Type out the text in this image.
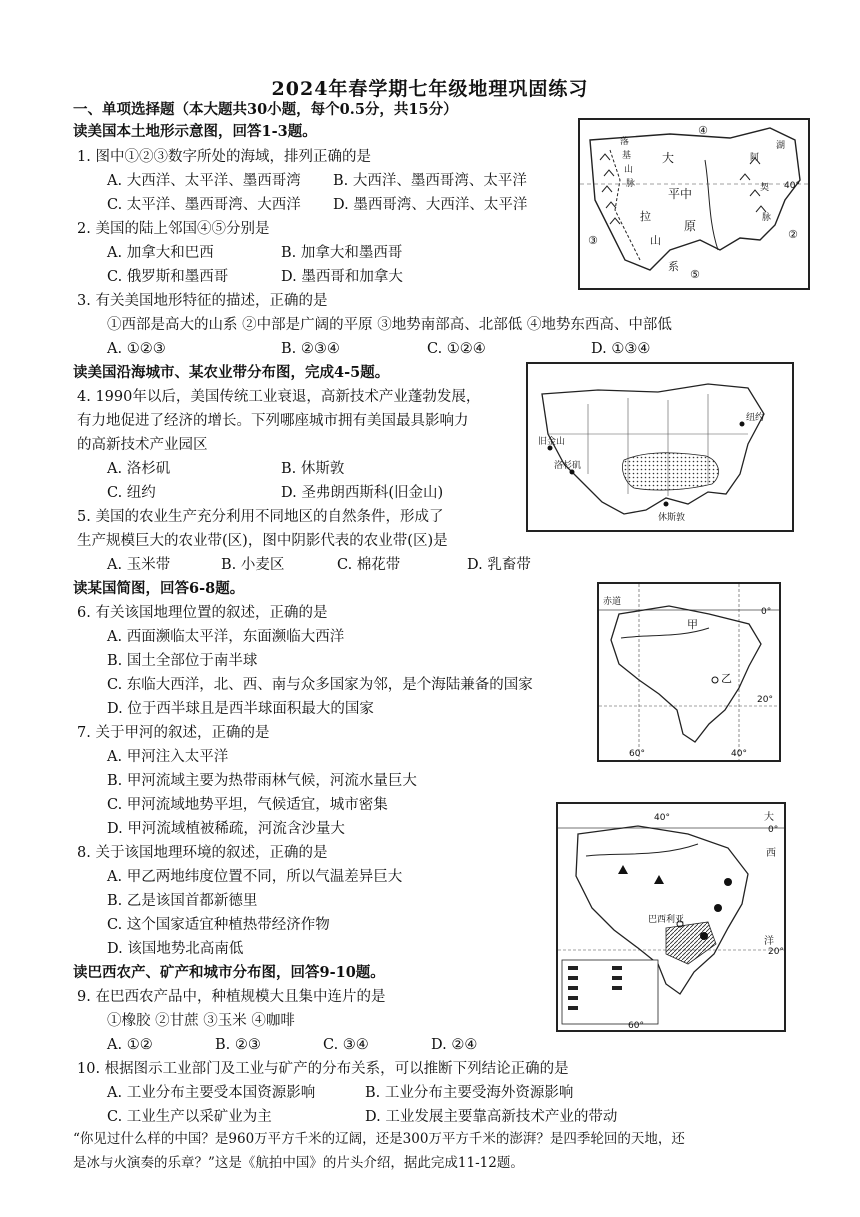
2024年春学期七年级地理巩固练习
一、单项选择题（本大题共30小题，每个0.5分，共15分）
读美国本土地形示意图，回答1-3题。
1. 图中①②③数字所处的海域，排列正确的是
A. 大西洋、太平洋、墨西哥湾 B. 大西洋、墨西哥湾、太平洋
C. 太平洋、墨西哥湾、大西洋 D. 墨西哥湾、大西洋、太平洋
2. 美国的陆上邻国④⑤分别是
A. 加拿大和巴西	B. 加拿大和墨西哥
C. 俄罗斯和墨西哥	D. 墨西哥和加拿大
3. 有关美国地形特征的描述，正确的是
①西部是高大的山系 ②中部是广阔的平原 ③地势南部高、北部低 ④地势东西高、中部低
A. ①②③	B. ②③④	C. ①②④	D. ①③④
读美国沿海城市、某农业带分布图，完成4-5题。
4. 1990年以后，美国传统工业衰退，高新技术产业蓬勃发展，
有力地促进了经济的增长。下列哪座城市拥有美国最具影响力
的高新技术产业园区
A. 洛杉矶	B. 休斯敦
C. 纽约	D. 圣弗朗西斯科(旧金山)
5. 美国的农业生产充分利用不同地区的自然条件，形成了
生产规模巨大的农业带(区)，图中阴影代表的农业带(区)是
A. 玉米带	B. 小麦区	C. 棉花带	D. 乳畜带
读某国简图，回答6-8题。
6. 有关该国地理位置的叙述，正确的是
A. 西面濒临太平洋，东面濒临大西洋
B. 国土全部位于南半球
C. 东临大西洋，北、西、南与众多国家为邻，是个海陆兼备的国家
D. 位于西半球且是西半球面积最大的国家
7. 关于甲河的叙述，正确的是
A. 甲河注入太平洋
B. 甲河流域主要为热带雨林气候，河流水量巨大
C. 甲河流域地势平坦，气候适宜，城市密集
D. 甲河流域植被稀疏，河流含沙量大
8. 关于该国地理环境的叙述，正确的是
A. 甲乙两地纬度位置不同，所以气温差异巨大
B. 乙是该国首都新德里
C. 这个国家适宜种植热带经济作物
D. 该国地势北高南低
读巴西农产、矿产和城市分布图，回答9-10题。
9. 在巴西农产品中，种植规模大且集中连片的是
①橡胶 ②甘蔗 ③玉米 ④咖啡
A. ①②	B. ②③	C. ③④	D. ②④
10. 根据图示工业部门及工业与矿产的分布关系，可以推断下列结论正确的是
A. 工业分布主要受本国资源影响	B. 工业分布主要受海外资源影响
C. 工业生产以采矿业为主	D. 工业发展主要靠高新技术产业的带动
“你见过什么样的中国？是960万平方千米的辽阔，还是300万平方千米的澎湃？是四季轮回的天地，还
是冰与火演奏的乐章？”这是《航拍中国》的片头介绍，据此完成11-12题。
落
基
山
脉
大
平 中
原
阿
拉
契
山
脉
湖
④
⑤
③	②
40°
系
旧金山
洛杉矶
纽约
休斯敦
赤道
0°
甲
乙
20°
60°	40°
40°	大
西
洋
巴西利亚
60°
20°
0°
